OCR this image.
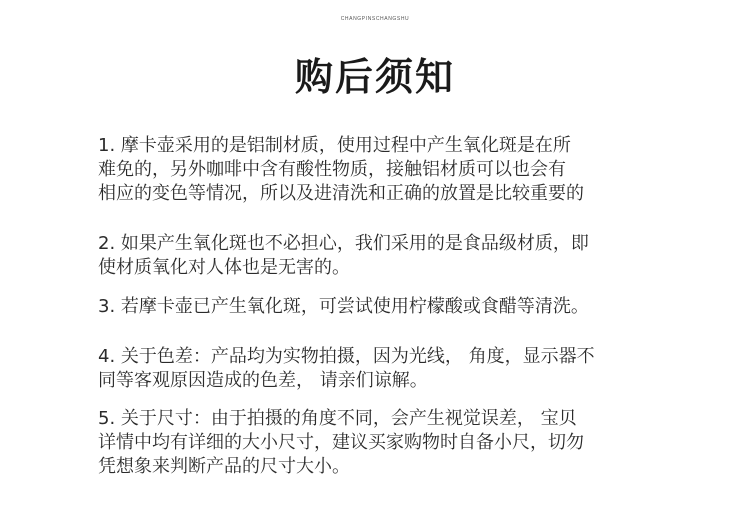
CHANGPINSCHANGSHU
购后须知

1. 摩卡壶采用的是铝制材质，使用过程中产生氧化斑是在所
难免的，另外咖啡中含有酸性物质，接触铝材质可以也会有
相应的变色等情况，所以及进清洗和正确的放置是比较重要的

2. 如果产生氧化斑也不必担心，我们采用的是食品级材质，即
使材质氧化对人体也是无害的。

3. 若摩卡壶已产生氧化斑，可尝试使用柠檬酸或食醋等清洗。

4. 关于色差：产品均为实物拍摄，因为光线， 角度，显示器不
同等客观原因造成的色差， 请亲们谅解。

5. 关于尺寸：由于拍摄的角度不同，会产生视觉误差， 宝贝
详情中均有详细的大小尺寸，建议买家购物时自备小尺，切勿
凭想象来判断产品的尺寸大小。
